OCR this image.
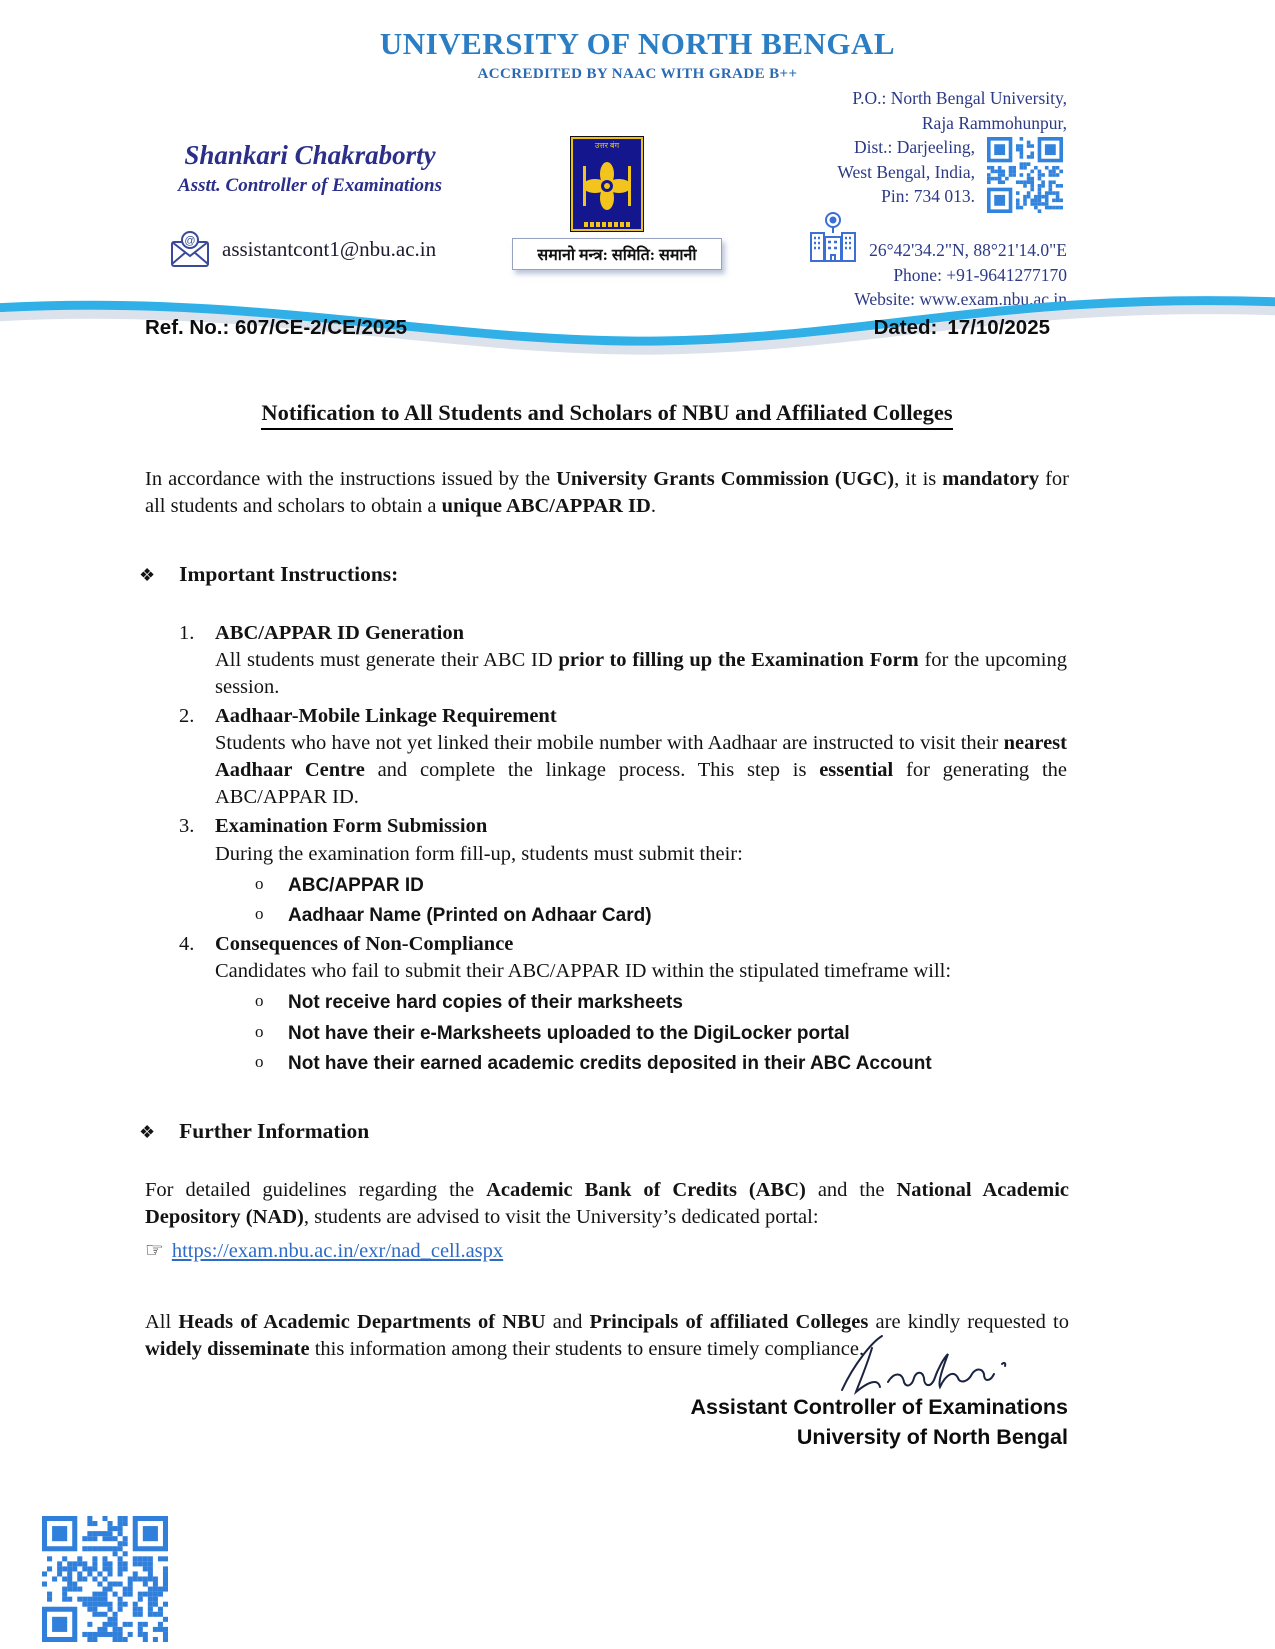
UNIVERSITY OF NORTH BENGAL
ACCREDITED BY NAAC WITH GRADE B++
Shankari Chakraborty
Asstt. Controller of Examinations
@ assistantcont1@nbu.ac.in
उत्तर बंग
समानो मन्त्र: समिति: समानी
P.O.: North Bengal University,
Raja Rammohunpur,
Dist.: Darjeeling,
West Bengal, India,
Pin: 734 013.
26°42'34.2"N, 88°21'14.0"E
Phone: +91-9641277170
Website: www.exam.nbu.ac.in
Ref. No.: 607/CE-2/CE/2025	Dated: 17/10/2025
Notification to All Students and Scholars of NBU and Affiliated Colleges

In accordance with the instructions issued by the University Grants Commission (UGC), it is mandatory for all students and scholars to obtain a unique ABC/APPAR ID.

❖ Important Instructions:
1.	ABC/APPAR ID Generation
All students must generate their ABC ID prior to filling up the Examination Form for the upcoming session.
2.	Aadhaar-Mobile Linkage Requirement
Students who have not yet linked their mobile number with Aadhaar are instructed to visit their nearest Aadhaar Centre and complete the linkage process. This step is essential for generating the ABC/APPAR ID.
3.	Examination Form Submission
During the examination form fill-up, students must submit their:
o	ABC/APPAR ID
o	Aadhaar Name (Printed on Adhaar Card)
4.	Consequences of Non-Compliance
Candidates who fail to submit their ABC/APPAR ID within the stipulated timeframe will:
o	Not receive hard copies of their marksheets
o	Not have their e-Marksheets uploaded to the DigiLocker portal
o	Not have their earned academic credits deposited in their ABC Account
❖ Further Information

For detailed guidelines regarding the Academic Bank of Credits (ABC) and the National Academic Depository (NAD), students are advised to visit the University’s dedicated portal:

☞ https://exam.nbu.ac.in/exr/nad_cell.aspx

All Heads of Academic Departments of NBU and Principals of affiliated Colleges are kindly requested to widely disseminate this information among their students to ensure timely compliance.

Assistant Controller of Examinations
University of North Bengal
